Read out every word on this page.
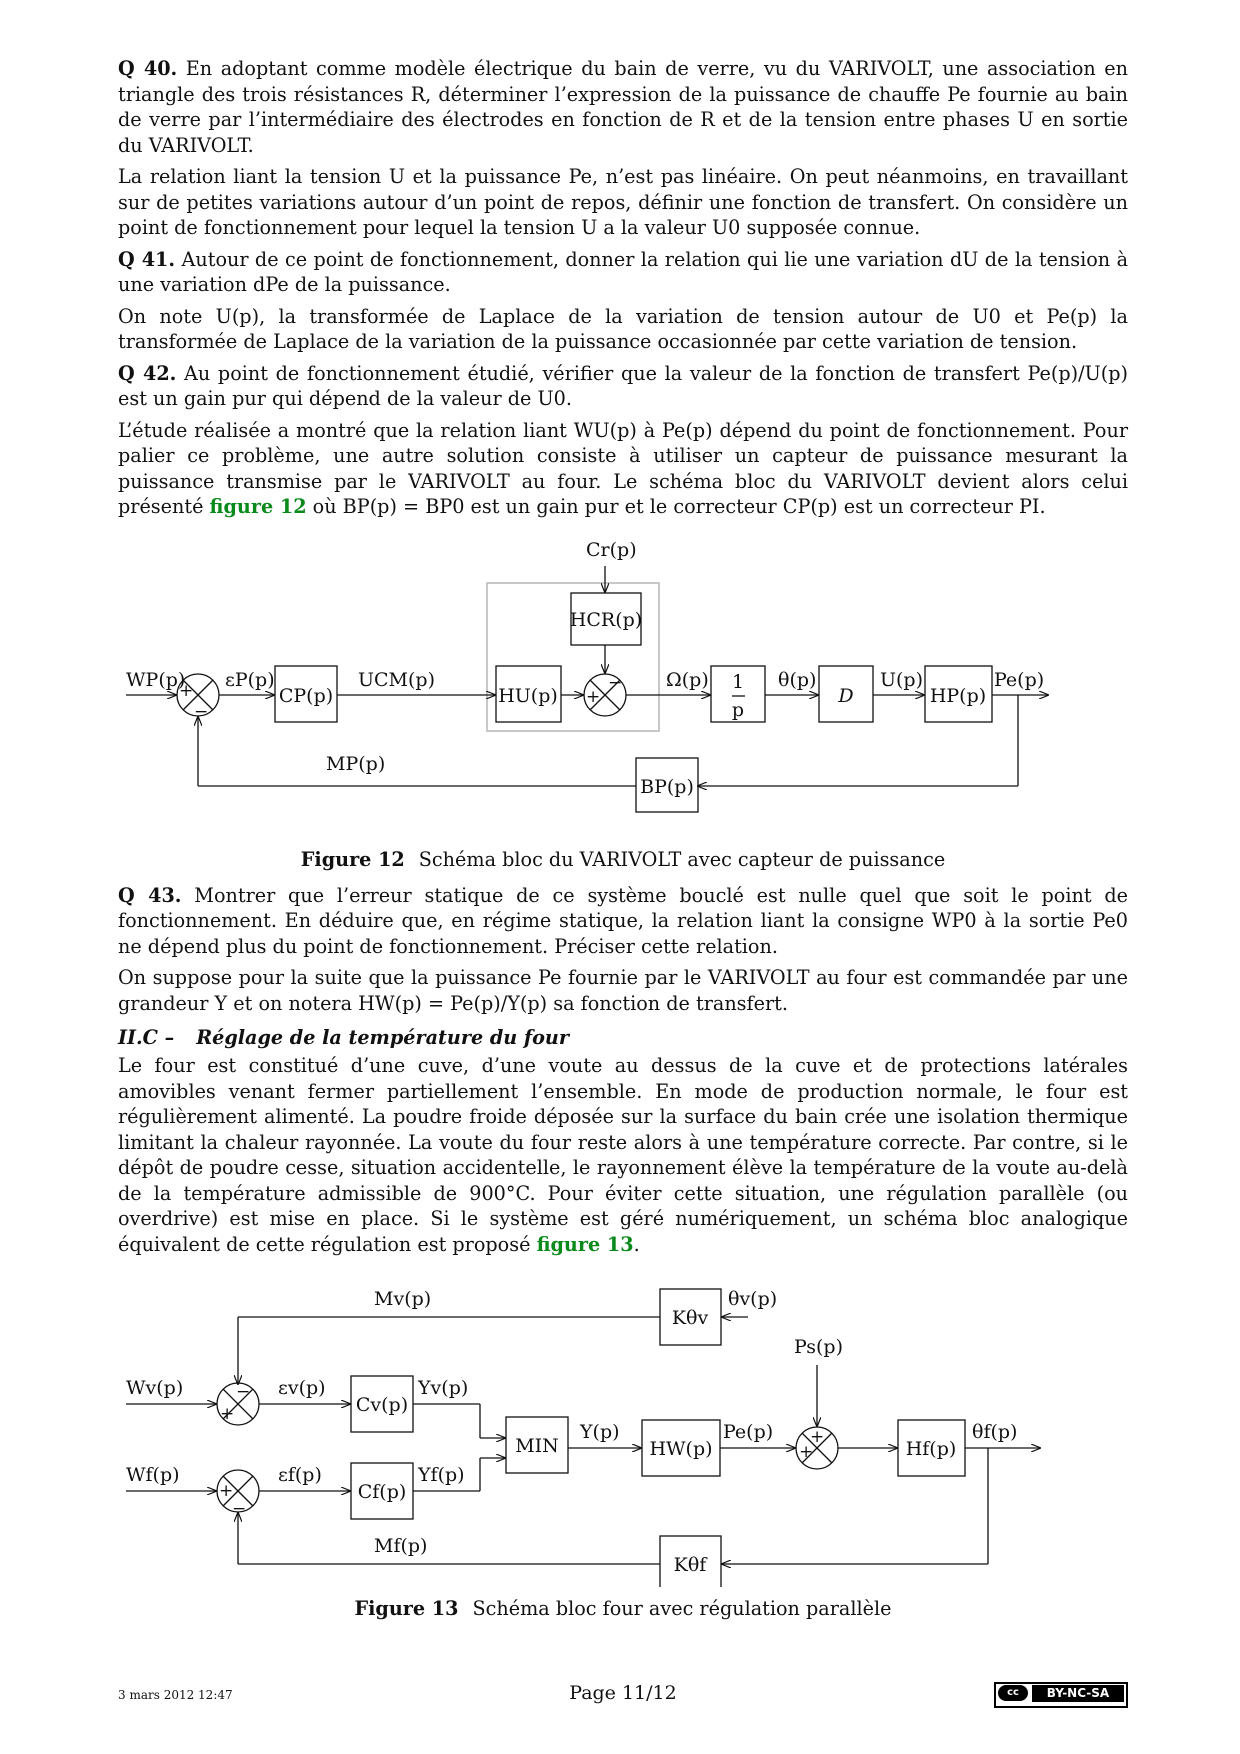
Q 40. En adoptant comme modèle électrique du bain de verre, vu du VARIVOLT, une association en triangle des trois résistances R, déterminer l’expression de la puissance de chauffe Pe fournie au bain de verre par l’intermédiaire des électrodes en fonction de R et de la tension entre phases U en sortie du VARIVOLT.

La relation liant la tension U et la puissance Pe, n’est pas linéaire. On peut néanmoins, en travaillant sur de petites variations autour d’un point de repos, définir une fonction de transfert. On considère un point de fonctionnement pour lequel la tension U a la valeur U0 supposée connue.

Q 41. Autour de ce point de fonctionnement, donner la relation qui lie une variation dU de la tension à une variation dPe de la puissance.

On note U(p), la transformée de Laplace de la variation de tension autour de U0 et Pe(p) la transformée de Laplace de la variation de la puissance occasionnée par cette variation de tension.

Q 42. Au point de fonctionnement étudié, vérifier que la valeur de la fonction de transfert Pe(p)/U(p) est un gain pur qui dépend de la valeur de U0.

L’étude réalisée a montré que la relation liant WU(p) à Pe(p) dépend du point de fonctionnement. Pour palier ce problème, une autre solution consiste à utiliser un capteur de puissance mesurant la puissance transmise par le VARIVOLT au four. Le schéma bloc du VARIVOLT devient alors celui présenté figure 12 où BP(p) = BP0 est un gain pur et le correcteur CP(p) est un correcteur PI.

WP(p) εP(p)	UCM(p)
Cr(p)
Ω(p)	θ(p)	U(p)	Pe(p)
MP(p)
CP(p)	HU(p)
HCR(p)
1
p
D	HP(p)
BP(p)
+
−
+
−
Figure 12 Schéma bloc du VARIVOLT avec capteur de puissance

Q 43. Montrer que l’erreur statique de ce système bouclé est nulle quel que soit le point de fonctionnement. En déduire que, en régime statique, la relation liant la consigne WP0 à la sortie Pe0 ne dépend plus du point de fonctionnement. Préciser cette relation.

On suppose pour la suite que la puissance Pe fournie par le VARIVOLT au four est commandée par une grandeur Y et on notera HW(p) = Pe(p)/Y(p) sa fonction de transfert.

II.C – Réglage de la température du four

Le four est constitué d’une cuve, d’une voute au dessus de la cuve et de protections latérales amovibles venant fermer partiellement l’ensemble. En mode de production normale, le four est régulièrement alimenté. La poudre froide déposée sur la surface du bain crée une isolation thermique limitant la chaleur rayonnée. La voute du four reste alors à une température correcte. Par contre, si le dépôt de poudre cesse, situation accidentelle, le rayonnement élève la température de la voute au-delà de la température admissible de 900°C. Pour éviter cette situation, une régulation parallèle (ou overdrive) est mise en place. Si le système est géré numériquement, un schéma bloc analogique équivalent de cette régulation est proposé figure 13.

Mv(p)	θv(p)
Ps(p)
Wv(p)	εv(p)	Yv(p)
Wf(p)	εf(p)	Yf(p)
Y(p)	Pe(p)	θf(p)
Mf(p)
Kθv
Cv(p)
Cf(p)
MIN	HW(p)	Hf(p)
Kθf
−
+
+
−
+
+
Figure 13 Schéma bloc four avec régulation parallèle
3 mars 2012 12:47	Page 11/12	cc	BY-NC-SA
